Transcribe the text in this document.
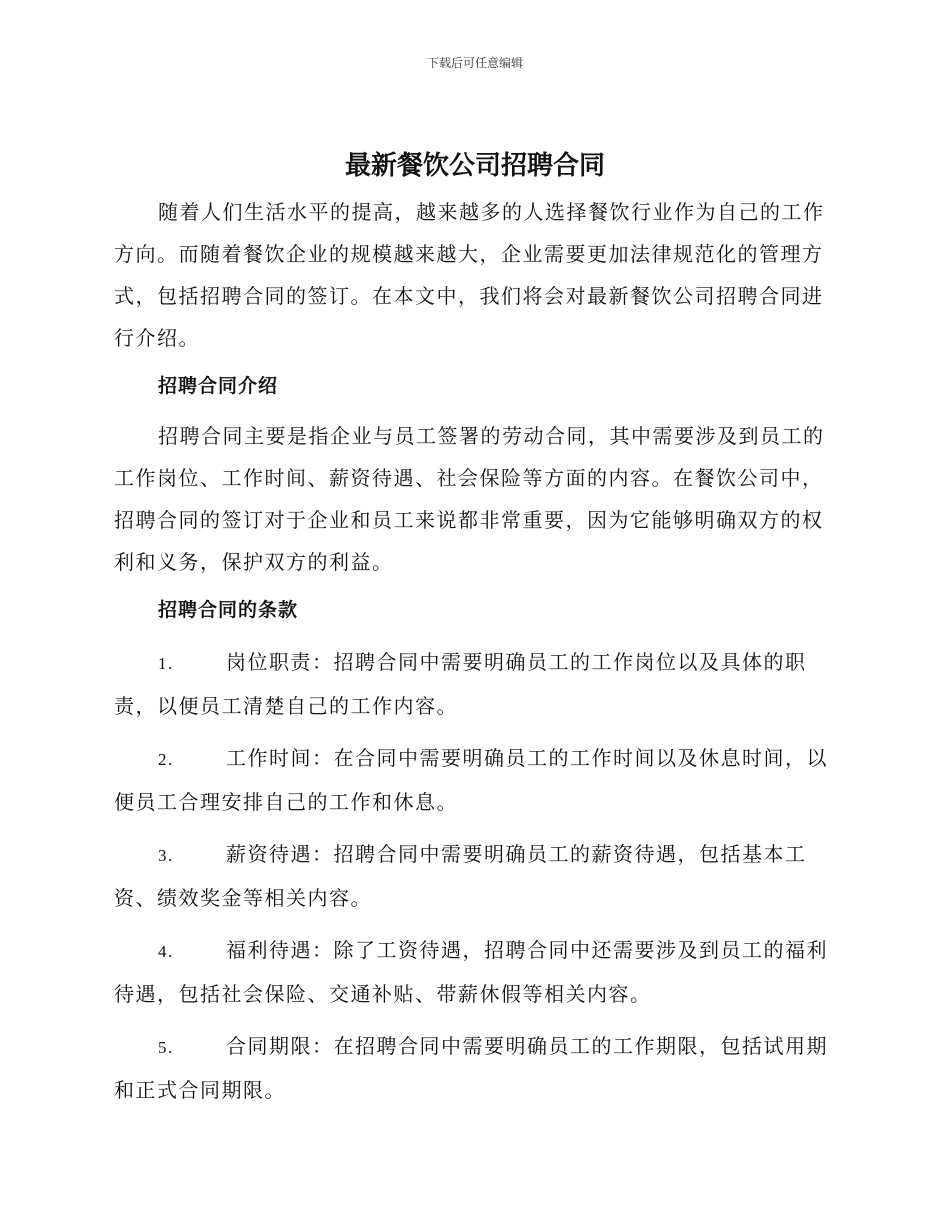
下载后可任意编辑
最新餐饮公司招聘合同

随着人们生活水平的提高，越来越多的人选择餐饮行业作为自己的工作方向。而随着餐饮企业的规模越来越大，企业需要更加法律规范化的管理方式，包括招聘合同的签订。在本文中，我们将会对最新餐饮公司招聘合同进行介绍。

招聘合同介绍

招聘合同主要是指企业与员工签署的劳动合同，其中需要涉及到员工的工作岗位、工作时间、薪资待遇、社会保险等方面的内容。在餐饮公司中，招聘合同的签订对于企业和员工来说都非常重要，因为它能够明确双方的权利和义务，保护双方的利益。

招聘合同的条款

1.	岗位职责：招聘合同中需要明确员工的工作岗位以及具体的职责，以便员工清楚自己的工作内容。

2.	工作时间：在合同中需要明确员工的工作时间以及休息时间，以便员工合理安排自己的工作和休息。

3.	薪资待遇：招聘合同中需要明确员工的薪资待遇，包括基本工资、绩效奖金等相关内容。

4.	福利待遇：除了工资待遇，招聘合同中还需要涉及到员工的福利待遇，包括社会保险、交通补贴、带薪休假等相关内容。

5.	合同期限：在招聘合同中需要明确员工的工作期限，包括试用期和正式合同期限。
